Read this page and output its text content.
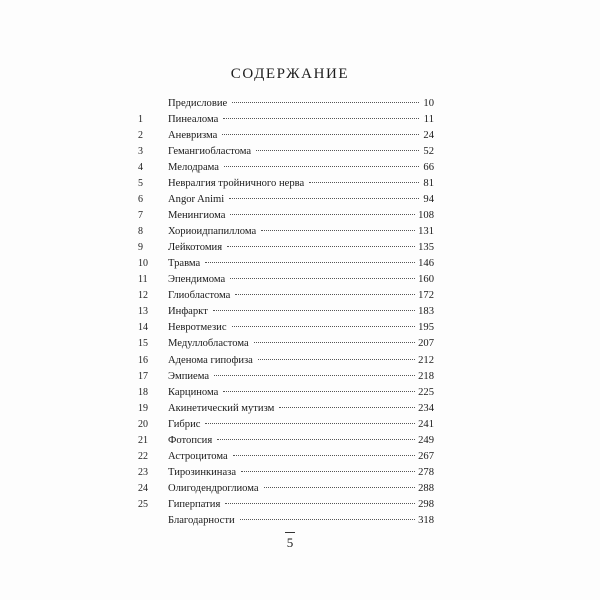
СОДЕРЖАНИЕ
Предисловие	10
1	Пинеалома	11
2	Аневризма	24
3	Гемангиобластома	52
4	Мелодрама	66
5	Невралгия тройничного нерва	81
6	Angor Animi	94
7	Менингиома	108
8	Хориоидпапиллома	131
9	Лейкотомия	135
10	Травма	146
11	Эпендимома	160
12	Глиобластома	172
13	Инфаркт	183
14	Невротмезис	195
15	Медуллобластома	207
16	Аденома гипофиза	212
17	Эмпиема	218
18	Карцинома	225
19	Акинетический мутизм	234
20	Гибрис	241
21	Фотопсия	249
22	Астроцитома	267
23	Тирозинкиназа	278
24	Олигодендроглиома	288
25	Гиперпатия	298
Благодарности	318
5
